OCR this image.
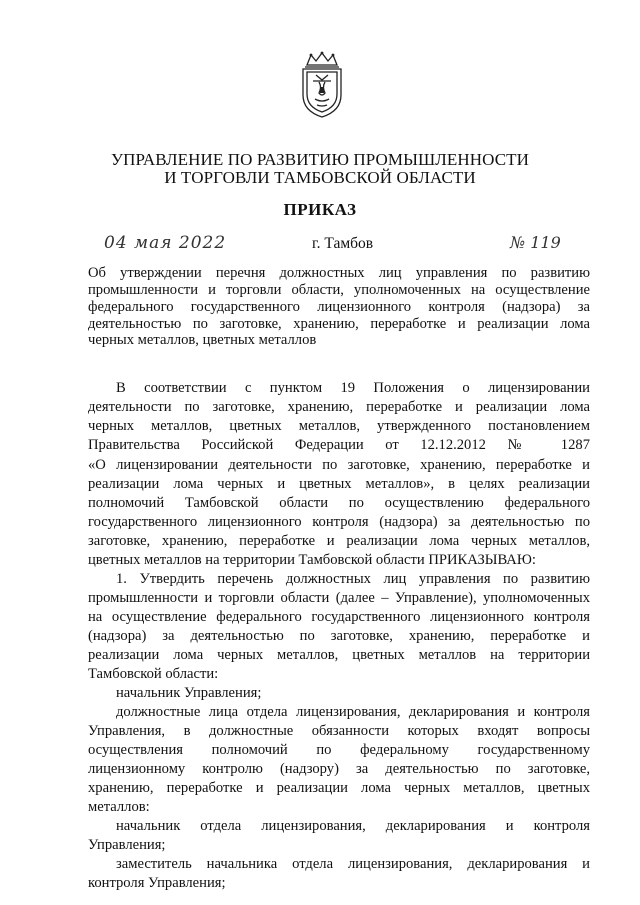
УПРАВЛЕНИЕ ПО РАЗВИТИЮ ПРОМЫШЛЕННОСТИ
И ТОРГОВЛИ ТАМБОВСКОЙ ОБЛАСТИ
ПРИКАЗ
04 мая 2022	г. Тамбов	№ 119
Об утверждении перечня должностных лиц управления по развитию
промышленности и торговли области, уполномоченных на осуществление
федерального государственного лицензионного контроля (надзора) за
деятельностью по заготовке, хранению, переработке и реализации лома
черных металлов, цветных металлов
В соответствии с пунктом 19 Положения о лицензировании
деятельности по заготовке, хранению, переработке и реализации лома
черных металлов, цветных металлов, утвержденного постановлением
Правительства Российской Федерации от 12.12.2012 № 1287
«О лицензировании деятельности по заготовке, хранению, переработке и
реализации лома черных и цветных металлов», в целях реализации
полномочий Тамбовской области по осуществлению федерального
государственного лицензионного контроля (надзора) за деятельностью по
заготовке, хранению, переработке и реализации лома черных металлов,
цветных металлов на территории Тамбовской области ПРИКАЗЫВАЮ:
1. Утвердить перечень должностных лиц управления по развитию
промышленности и торговли области (далее – Управление), уполномоченных
на осуществление федерального государственного лицензионного контроля
(надзора) за деятельностью по заготовке, хранению, переработке и
реализации лома черных металлов, цветных металлов на территории
Тамбовской области:
начальник Управления;
должностные лица отдела лицензирования, декларирования и контроля
Управления, в должностные обязанности которых входят вопросы
осуществления полномочий по федеральному государственному
лицензионному контролю (надзору) за деятельностью по заготовке,
хранению, переработке и реализации лома черных металлов, цветных
металлов:
начальник отдела лицензирования, декларирования и контроля
Управления;
заместитель начальника отдела лицензирования, декларирования и
контроля Управления;
